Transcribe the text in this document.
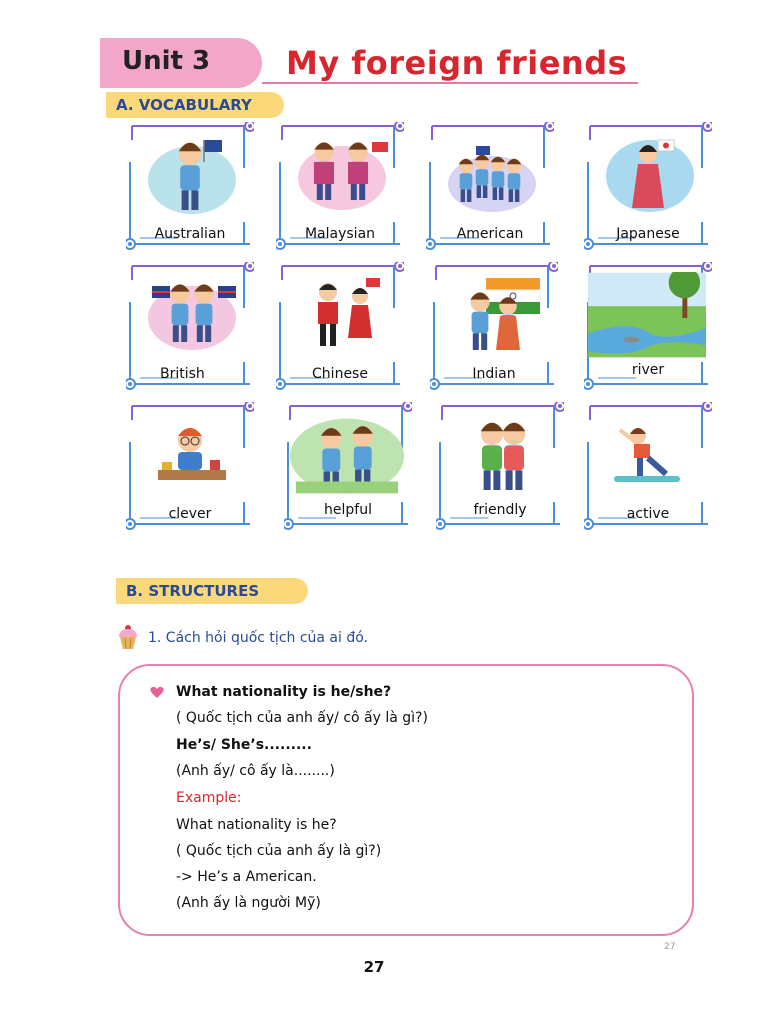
Unit 3	My foreign friends
A. VOCABULARY
Australian	Malaysian	American	Japanese
British	Chinese	Indian	river
clever	helpful	friendly	active
B. STRUCTURES
1. Cách hỏi quốc tịch của ai đó.
What nationality is he/she?
( Quốc tịch của anh ấy/ cô ấy là gì?)
He’s/ She’s.........
(Anh ấy/ cô ấy là........)
Example:
What nationality is he?
( Quốc tịch của anh ấy là gì?)
-> He’s a American.
(Anh ấy là người Mỹ)
27
27
